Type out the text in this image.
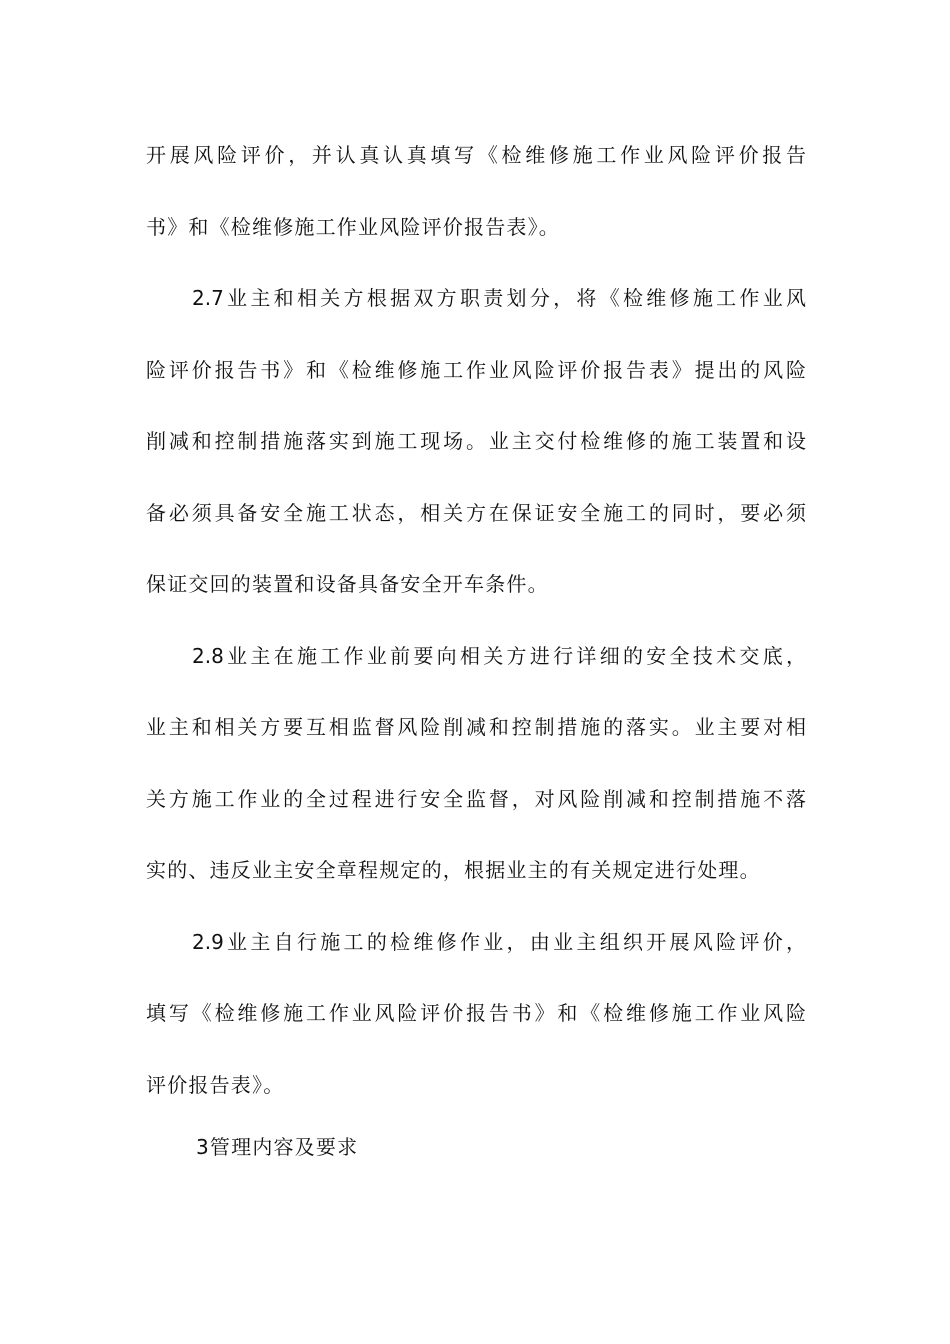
开展风险评价，并认真认真填写《检维修施工作业风险评价报告
书》和《检维修施工作业风险评价报告表》。
2.7业主和相关方根据双方职责划分，将《检维修施工作业风
险评价报告书》和《检维修施工作业风险评价报告表》提出的风险
削减和控制措施落实到施工现场。业主交付检维修的施工装置和设
备必须具备安全施工状态，相关方在保证安全施工的同时，要必须
保证交回的装置和设备具备安全开车条件。
2.8业主在施工作业前要向相关方进行详细的安全技术交底，
业主和相关方要互相监督风险削减和控制措施的落实。业主要对相
关方施工作业的全过程进行安全监督，对风险削减和控制措施不落
实的、违反业主安全章程规定的，根据业主的有关规定进行处理。
2.9业主自行施工的检维修作业，由业主组织开展风险评价，
填写《检维修施工作业风险评价报告书》和《检维修施工作业风险
评价报告表》。
3管理内容及要求
